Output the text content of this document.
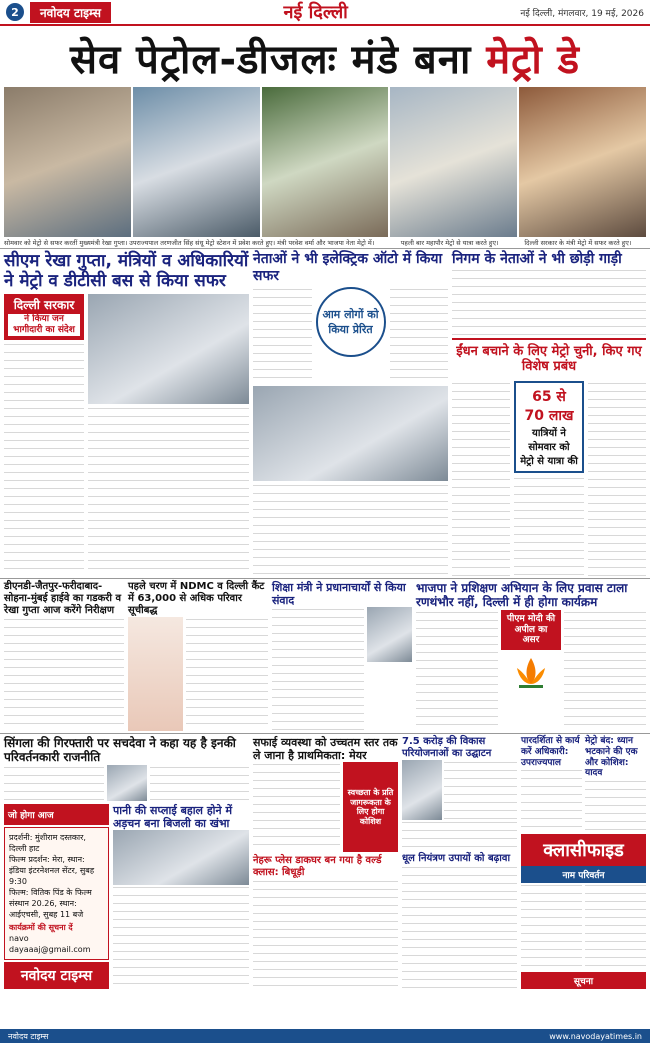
2	नवोदय टाइम्स	नई दिल्ली	नई दिल्ली, मंगलवार, 19 मई, 2026
सेव पेट्रोल-डीजलः मंडे बना मेट्रो डे
सोमवार को मेट्रो से सफर करतीं मुख्यमंत्री रेखा गुप्ता। उपराज्यपाल तरणजीत सिंह संधू मेट्रो स्टेशन में प्रवेश करते हुए। मंत्री परवेश वर्मा और भाजपा नेता मेट्रो में।	पहली बार महापौर मेट्रो से यात्रा करते हुए।	दिल्ली सरकार के मंत्री मेट्रो में सफर करते हुए।
सीएम रेखा गुप्ता, मंत्रियों व अधिकारियों ने मेट्रो व डीटीसी बस से किया सफर
दिल्ली सरकार
ने किया जन भागीदारी का संदेश
नेताओं ने भी इलेक्ट्रिक ऑटो में किया सफर
आम लोगों को किया प्रेरित
निगम के नेताओं ने भी छोड़ी गाड़ी
ईंधन बचाने के लिए मेट्रो चुनी, किए गए विशेष प्रबंध
65 से 70 लाख
यात्रियों ने सोमवार को मेट्रो से यात्रा की
डीएनडी-जैतपुर-फरीदाबाद-सोहना-मुंबई हाईवे का गडकरी व रेखा गुप्ता आज करेंगे निरीक्षण
पहले चरण में NDMC व दिल्ली कैंट में 63,000 से अधिक परिवार सूचीबद्ध
शिक्षा मंत्री ने प्रधानाचार्यों से किया संवाद
भाजपा ने प्रशिक्षण अभियान के लिए प्रवास टाला रणथंभौर नहीं, दिल्ली में ही होगा कार्यक्रम
पीएम मोदी की अपील का असर
सिंगला की गिरफ्तारी पर सचदेवा ने कहा यह है इनकी परिवर्तनकारी राजनीति
जो होगा आज
प्रदर्शनी: मुंशीराम दस्तकार, दिल्ली हाट
फिल्म प्रदर्शन: मेरा, स्थान: इंडिया इंटरनेशनल सेंटर, सुबह 9:30
फिल्म: वितिक पिंड के फिल्म संस्थान 20.26, स्थान: आईएचसी, सुबह 11 बजे
कार्यक्रमों की सूचना दें
navo dayaaaj@gmail.com
नवोदय टाइम्स
पानी की सप्लाई बहाल होने में अड़चन बना बिजली का खंभा
सफाई व्यवस्था को उच्चतम स्तर तक ले जाना है प्राथमिकता: मेयर
स्वच्छता के प्रति जागरूकता के लिए होगा कोशिश
नेहरू प्लेस डाकघर बन गया है वर्ल्ड क्लास: बिधूड़ी
7.5 करोड़ की विकास परियोजनाओं का उद्घाटन
धूल नियंत्रण उपायों को बढ़ावा
पारदर्शिता से कार्य करें अधिकारी: उपराज्यपाल
मेट्रो बंद: ध्यान भटकाने की एक और कोशिश: यादव
क्लासीफाइड
नाम परिवर्तन
सूचना
नवोदय टाइम्स	www.navodayatimes.in
